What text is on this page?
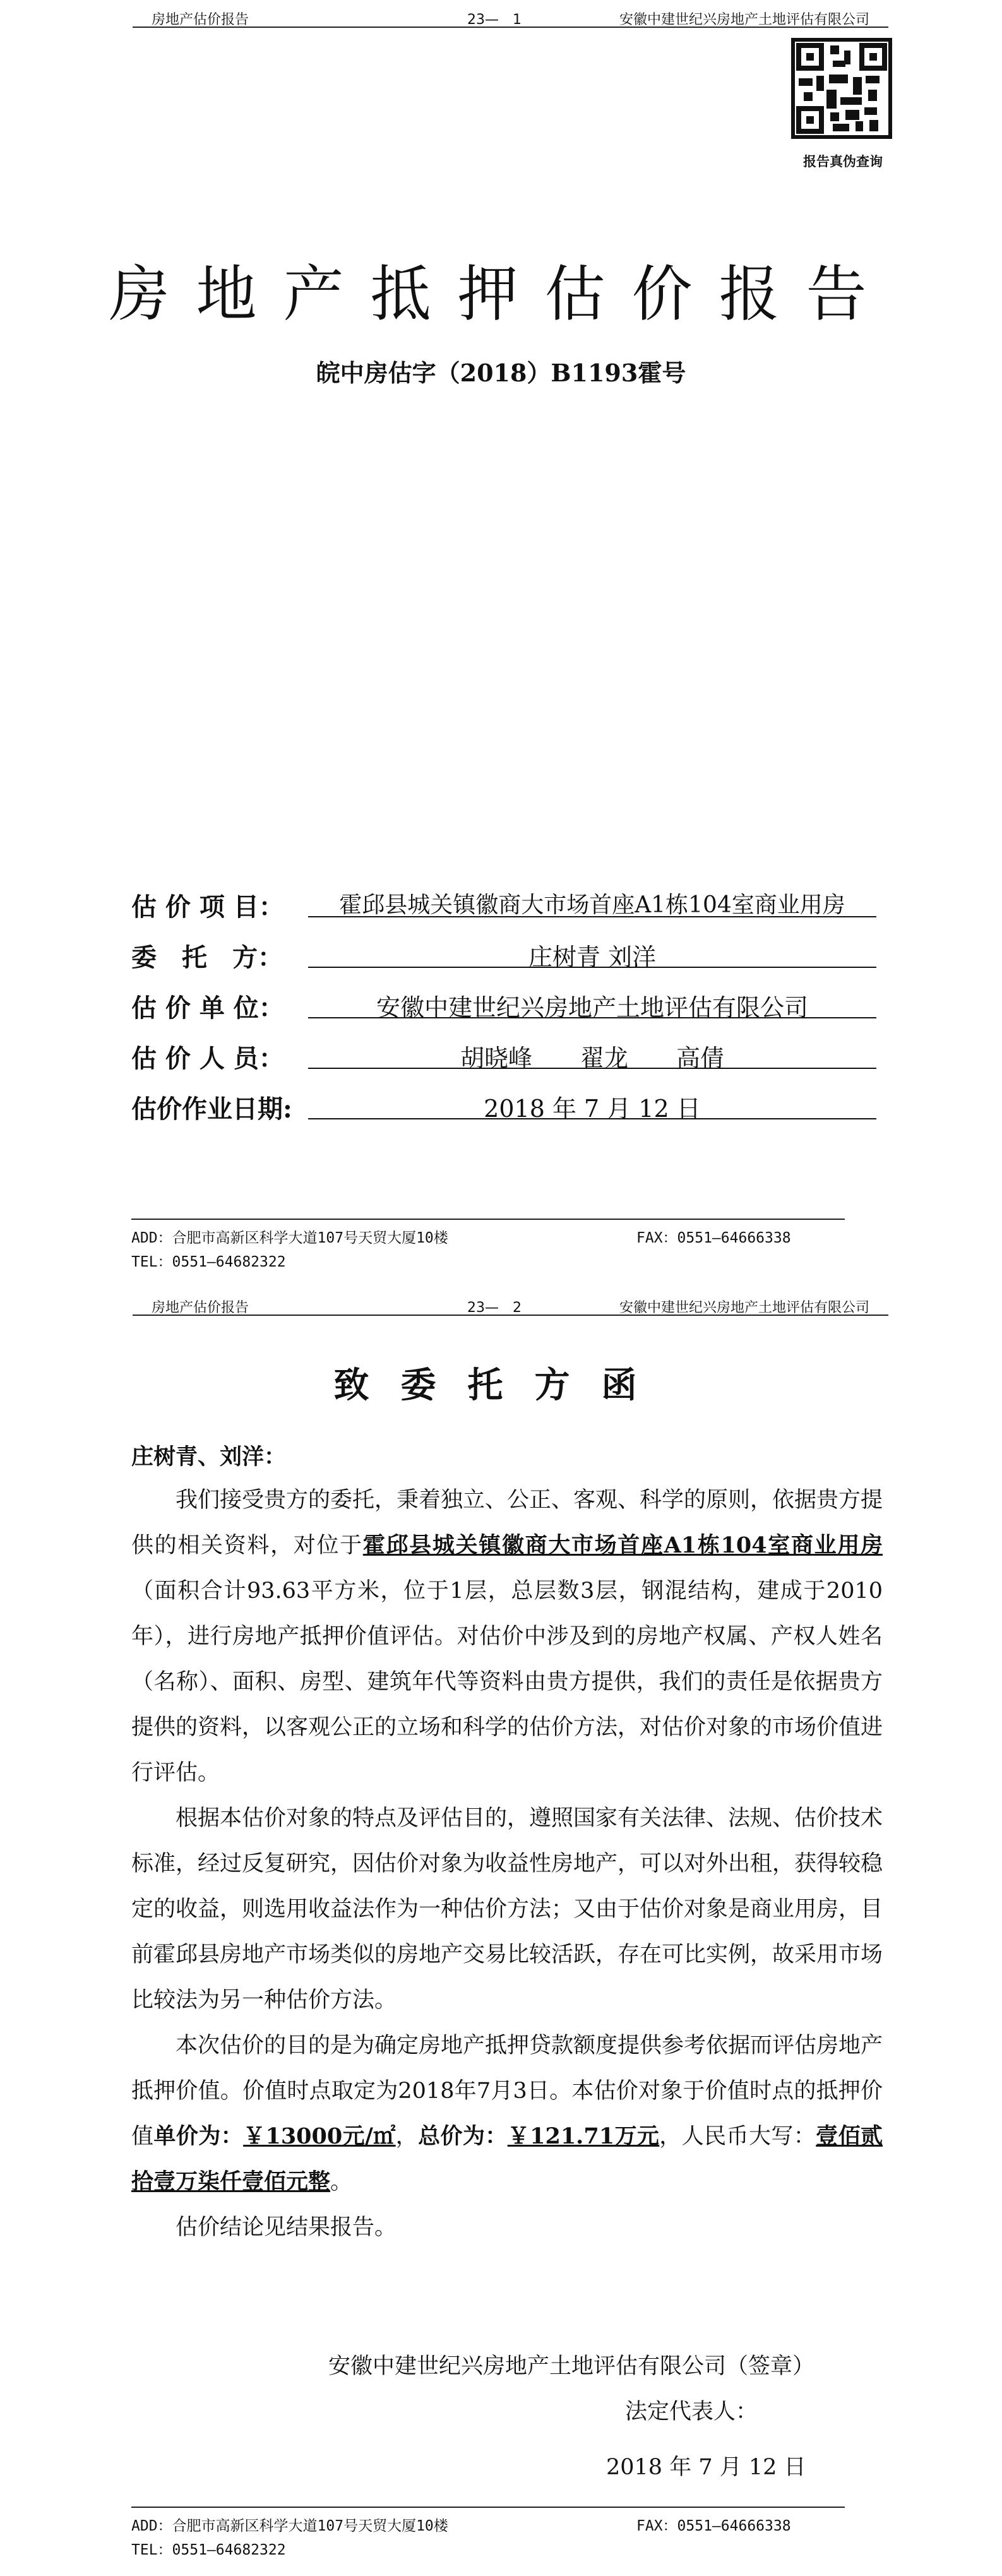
房地产估价报告	23—　1	安徽中建世纪兴房地产土地评估有限公司
报告真伪查询
房地产抵押估价报告
皖中房估字（2018）B1193霍号
估 价 项 目：	霍邱县城关镇徽商大市场首座A1栋104室商业用房
委　托　方：	庄树青 刘洋
估 价 单 位：	安徽中建世纪兴房地产土地评估有限公司
估 价 人 员：	胡晓峰　　翟龙　　高倩
估价作业日期:	2018 年 7 月 12 日
ADD：合肥市高新区科学大道107号天贸大厦10楼	FAX：0551—64666338
TEL：0551—64682322
房地产估价报告	23—　2	安徽中建世纪兴房地产土地评估有限公司
致委托方函
庄树青、刘洋：

我们接受贵方的委托，秉着独立、公正、客观、科学的原则，依据贵方提供的相关资料，对位于霍邱县城关镇徽商大市场首座A1栋104室商业用房（面积合计93.63平方米，位于1层，总层数3层，钢混结构，建成于2010年），进行房地产抵押价值评估。对估价中涉及到的房地产权属、产权人姓名（名称）、面积、房型、建筑年代等资料由贵方提供，我们的责任是依据贵方提供的资料，以客观公正的立场和科学的估价方法，对估价对象的市场价值进行评估。

根据本估价对象的特点及评估目的，遵照国家有关法律、法规、估价技术标准，经过反复研究，因估价对象为收益性房地产，可以对外出租，获得较稳定的收益，则选用收益法作为一种估价方法；又由于估价对象是商业用房，目前霍邱县房地产市场类似的房地产交易比较活跃，存在可比实例，故采用市场比较法为另一种估价方法。

本次估价的目的是为确定房地产抵押贷款额度提供参考依据而评估房地产抵押价值。价值时点取定为2018年7月3日。本估价对象于价值时点的抵押价值单价为：￥13000元/㎡，总价为：￥121.71万元，人民币大写：壹佰贰拾壹万柒仟壹佰元整。

估价结论见结果报告。

安徽中建世纪兴房地产土地评估有限公司（签章）
法定代表人：
2018 年 7 月 12 日
ADD：合肥市高新区科学大道107号天贸大厦10楼	FAX：0551—64666338
TEL：0551—64682322
